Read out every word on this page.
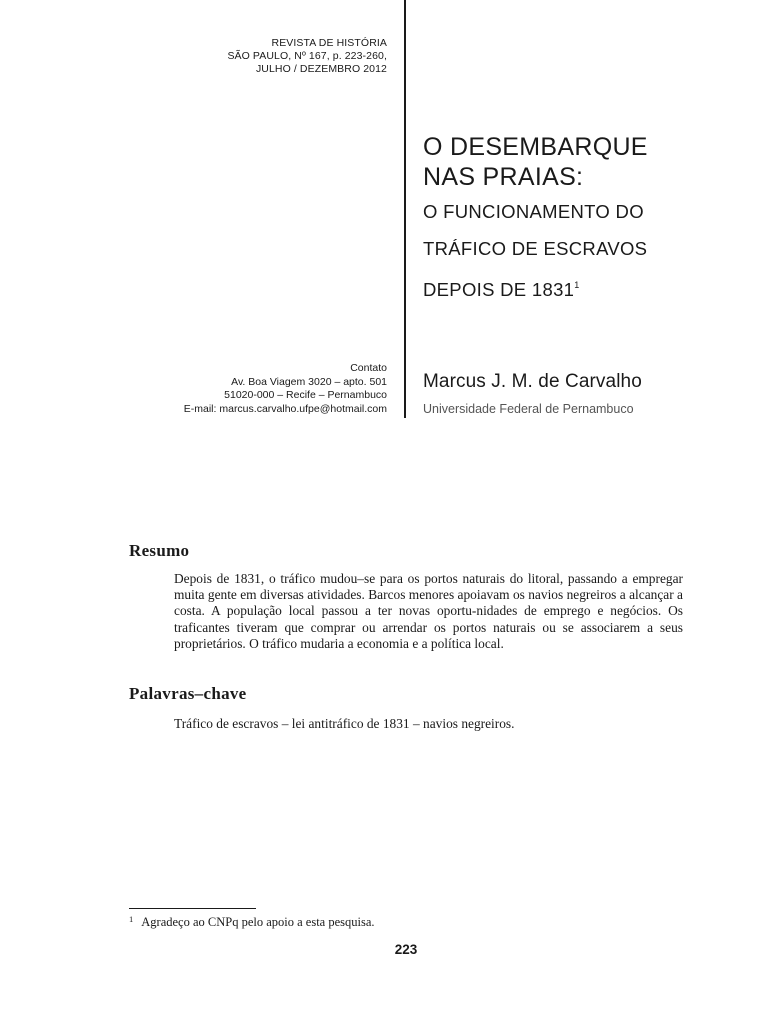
REVISTA DE HISTÓRIA
SÃO PAULO, Nº 167, p. 223-260,
JULHO / DEZEMBRO 2012
O DESEMBARQUE
NAS PRAIAS:
O FUNCIONAMENTO DO
TRÁFICO DE ESCRAVOS
DEPOIS DE 1831$^1$
Contato
Av. Boa Viagem 3020 – apto. 501
51020-000 – Recife – Pernambuco
E-mail: marcus.carvalho.ufpe@hotmail.com
Marcus J. M. de Carvalho
Universidade Federal de Pernambuco
Resumo

Depois de 1831, o tráfico mudou–se para os portos naturais do litoral, passando a empregar muita gente em diversas atividades. Barcos menores apoiavam os navios negreiros a alcançar a costa. A população local passou a ter novas oportu-nidades de emprego e negócios. Os traficantes tiveram que comprar ou arrendar os portos naturais ou se associarem a seus proprietários. O tráfico mudaria a economia e a política local.

Palavras–chave
Tráfico de escravos – lei antitráfico de 1831 – navios negreiros.
$^1$ Agradeço ao CNPq pelo apoio a esta pesquisa.
223
